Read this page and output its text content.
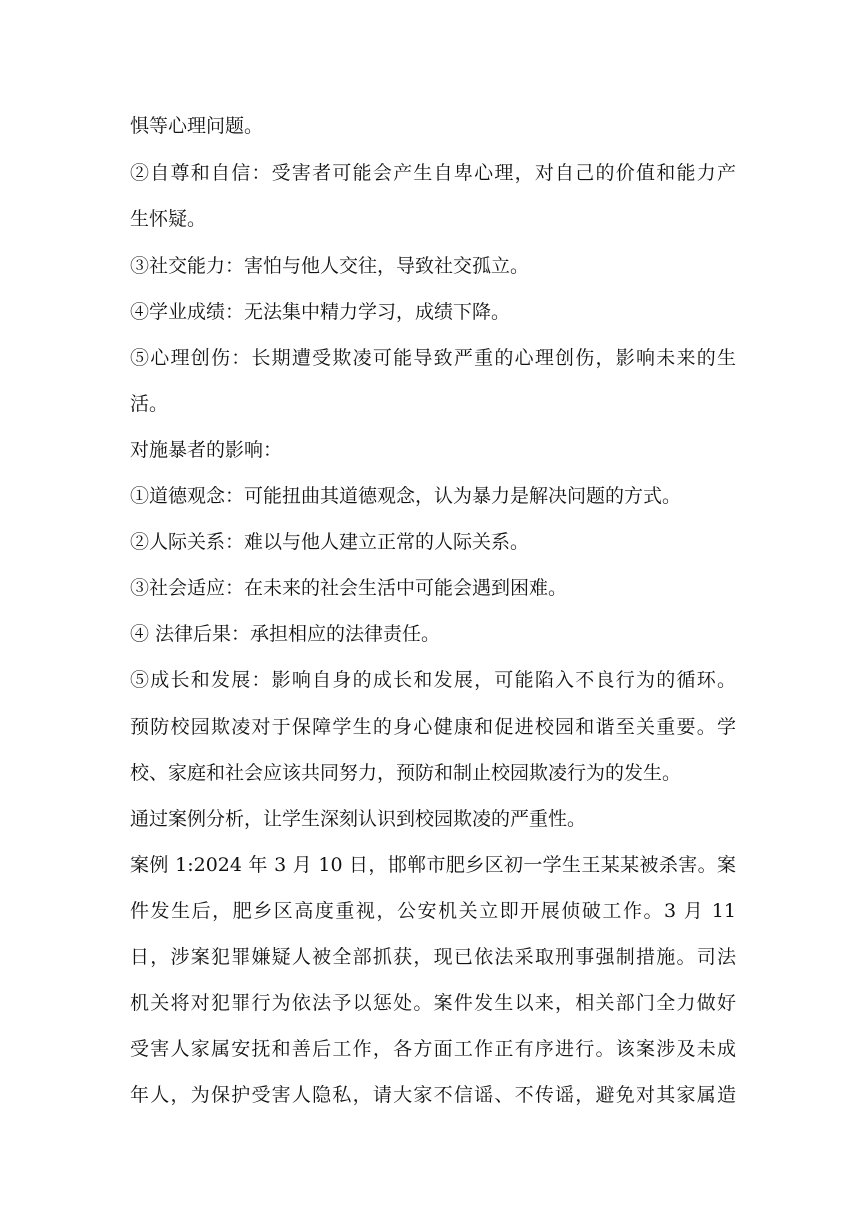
惧等心理问题。
②自尊和自信：受害者可能会产生自卑心理，对自己的价值和能力产
生怀疑。
③社交能力：害怕与他人交往，导致社交孤立。
④学业成绩：无法集中精力学习，成绩下降。
⑤心理创伤：长期遭受欺凌可能导致严重的心理创伤，影响未来的生
活。
对施暴者的影响：
①道德观念：可能扭曲其道德观念，认为暴力是解决问题的方式。
②人际关系：难以与他人建立正常的人际关系。
③社会适应：在未来的社会生活中可能会遇到困难。
④ 法律后果：承担相应的法律责任。
⑤成长和发展：影响自身的成长和发展，可能陷入不良行为的循环。
预防校园欺凌对于保障学生的身心健康和促进校园和谐至关重要。学
校、家庭和社会应该共同努力，预防和制止校园欺凌行为的发生。
通过案例分析，让学生深刻认识到校园欺凌的严重性。
案例 1:2024 年 3 月 10 日，邯郸市肥乡区初一学生王某某被杀害。案
件发生后，肥乡区高度重视，公安机关立即开展侦破工作。3 月 11
日，涉案犯罪嫌疑人被全部抓获，现已依法采取刑事强制措施。司法
机关将对犯罪行为依法予以惩处。案件发生以来，相关部门全力做好
受害人家属安抚和善后工作，各方面工作正有序进行。该案涉及未成
年人，为保护受害人隐私，请大家不信谣、不传谣，避免对其家属造
